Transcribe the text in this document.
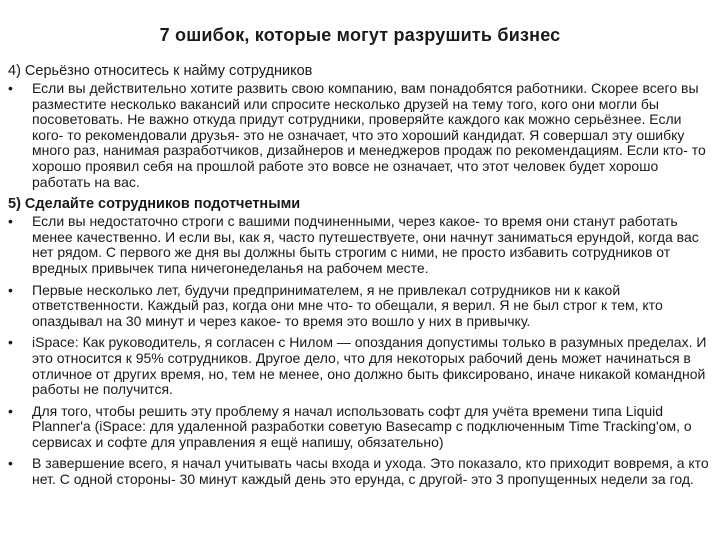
7 ошибок, которые могут разрушить бизнес
4) Серьёзно относитесь к найму сотрудников
•	Если вы действительно хотите развить свою компанию, вам понадобятся работники. Скорее всего вы разместите несколько вакансий или спросите несколько друзей на тему того, кого они могли бы посоветовать. Не важно откуда придут сотрудники, проверяйте каждого как можно серьёзнее. Если кого- то рекомендовали друзья- это не означает, что это хороший кандидат. Я совершал эту ошибку много раз, нанимая разработчиков, дизайнеров и менеджеров продаж по рекомендациям. Если кто- то хорошо проявил себя на прошлой работе это вовсе не означает, что этот человек будет хорошо работать на вас.
5) Сделайте сотрудников подотчетными
•	Если вы недостаточно строги с вашими подчиненными, через какое- то время они станут работать менее качественно. И если вы, как я, часто путешествуете, они начнут заниматься ерундой, когда вас нет рядом. С первого же дня вы должны быть строгим с ними, не просто избавить сотрудников от вредных привычек типа ничегонеделанья на рабочем месте.
•	Первые несколько лет, будучи предпринимателем, я не привлекал сотрудников ни к какой ответственности. Каждый раз, когда они мне что- то обещали, я верил. Я не был строг к тем, кто опаздывал на 30 минут и через какое- то время это вошло у них в привычку.
•	iSpace: Как руководитель, я согласен с Нилом — опоздания допустимы только в разумных пределах. И это относится к 95% сотрудников. Другое дело, что для некоторых рабочий день может начинаться в отличное от других время, но, тем не менее, оно должно быть фиксировано, иначе никакой командной работы не получится.
•	Для того, чтобы решить эту проблему я начал использовать софт для учёта времени типа Liquid Planner'a (iSpace: для удаленной разработки советую Basecamp с подключенным Time Tracking'ом, о сервисах и софте для управления я ещё напишу, обязательно)
•	В завершение всего, я начал учитывать часы входа и ухода. Это показало, кто приходит вовремя, а кто нет. С одной стороны- 30 минут каждый день это ерунда, с другой- это 3 пропущенных недели за год.
